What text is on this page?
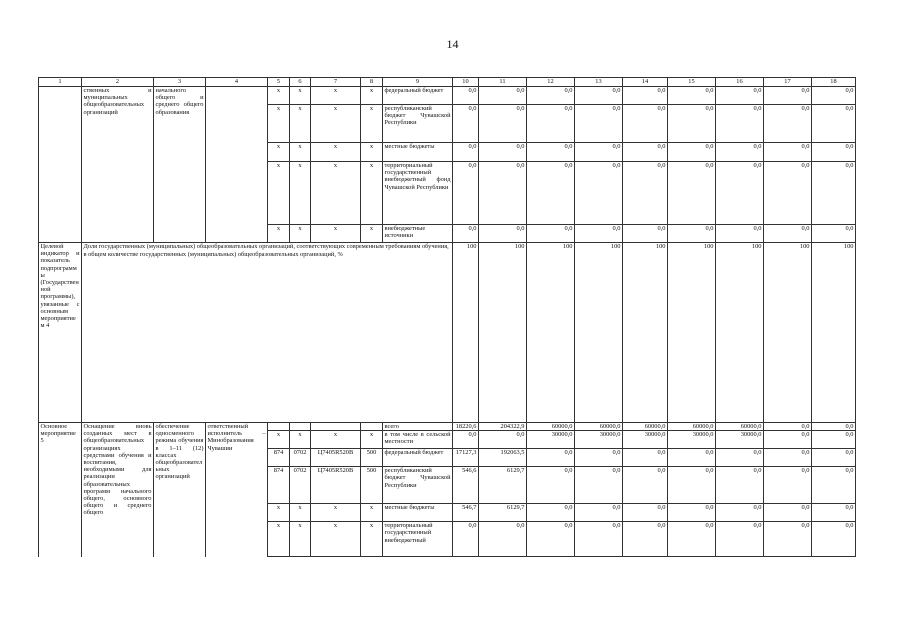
14
1	2	3	4	5	6	7	8	9	10	11	12	13	14	15	16	17	18
	ственных и муниципальных общеобразовательных организаций	начального общего и среднего общего образования		x	x	x	x	федеральный бюджет	0,0	0,0	0,0	0,0	0,0	0,0	0,0	0,0	0,0
				x	x	x	x	республиканский бюджет Чувашской Республики	0,0	0,0	0,0	0,0	0,0	0,0	0,0	0,0	0,0
				x	x	x	x	местные бюджеты	0,0	0,0	0,0	0,0	0,0	0,0	0,0	0,0	0,0
				x	x	x	x	территориальный государственный внебюджетный фонд Чувашской Республики	0,0	0,0	0,0	0,0	0,0	0,0	0,0	0,0	0,0
				x	x	x	x	внебюджетные источники	0,0	0,0	0,0	0,0	0,0	0,0	0,0	0,0	0,0
Целевой индикатор и показатель подпрограммы (Государственной программы), увязанные с основным мероприятием 4	Доля государственных (муниципальных) общеобразовательных организаций, соответствующих современным требованиям обучения, в общем количестве государственных (муниципальных) общеобразовательных организаций, %								100	100	100	100	100	100	100	100	100
Основное мероприятие 5	Оснащение вновь созданных мест в общеобразовательных организациях средствами обучения и воспитания, необходимыми для реализации образовательных программ начального общего, основного общего и среднего общего	обеспечение односменного режима обучения в 1–11 (12) классах общеобразовательных организаций	ответственный исполнитель – Минобразования Чувашии					всего	18220,6	204322,9	60000,0	60000,0	60000,0	60000,0	60000,0	0,0	0,0
				x	x	x	x	в том числе в сельской местности	0,0	0,0	30000,0	30000,0	30000,0	30000,0	30000,0	0,0	0,0
				874	0702	Ц7405R520В	500	федеральный бюджет	17127,3	192063,5	0,0	0,0	0,0	0,0	0,0	0,0	0,0
				874	0702	Ц7405R520В	500	республиканский бюджет Чувашской Республики	546,6	6129,7	0,0	0,0	0,0	0,0	0,0	0,0	0,0
				x	x	x	x	местные бюджеты	546,7	6129,7	0,0	0,0	0,0	0,0	0,0	0,0	0,0
				x	x	x	x	территориальный государственный внебюджетный	0,0	0,0	0,0	0,0	0,0	0,0	0,0	0,0	0,0
